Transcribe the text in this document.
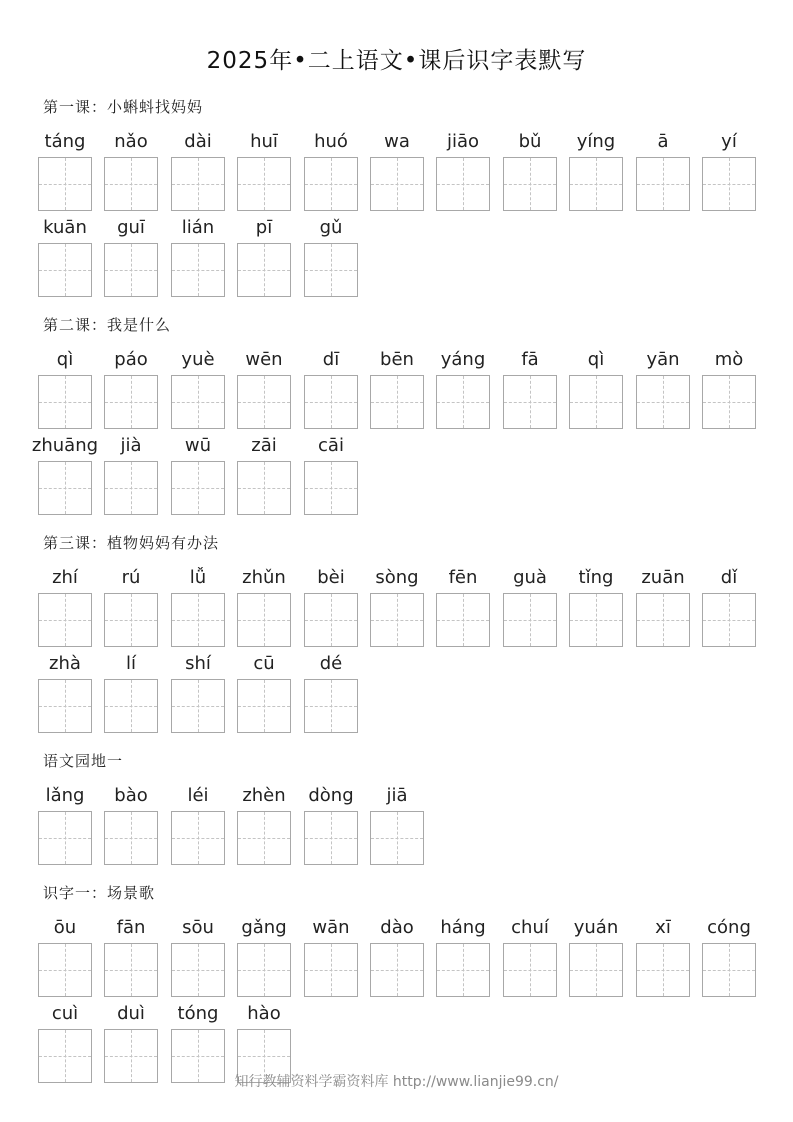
2025年•二上语文•课后识字表默写
第一课：小蝌蚪找妈妈
táng	nǎo	dài	huī	huó	wa	jiāo	bǔ	yíng	ā	yí
kuān	guī	lián	pī	gǔ
第二课：我是什么
qì	páo	yuè	wēn	dī	bēn	yáng	fā	qì	yān	mò
zhuāng	jià	wū	zāi	cāi
第三课：植物妈妈有办法
zhí	rú	lǚ	zhǔn	bèi	sòng	fēn	guà	tǐng	zuān	dǐ
zhà	lí	shí	cū	dé
语文园地一
lǎng	bào	léi	zhèn	dòng	jiā
识字一：场景歌
ōu	fān	sōu	gǎng	wān	dào	háng	chuí	yuán	xī	cóng
cuì	duì	tóng	hào
知行教辅资料学霸资料库 http://www.lianjie99.cn/
